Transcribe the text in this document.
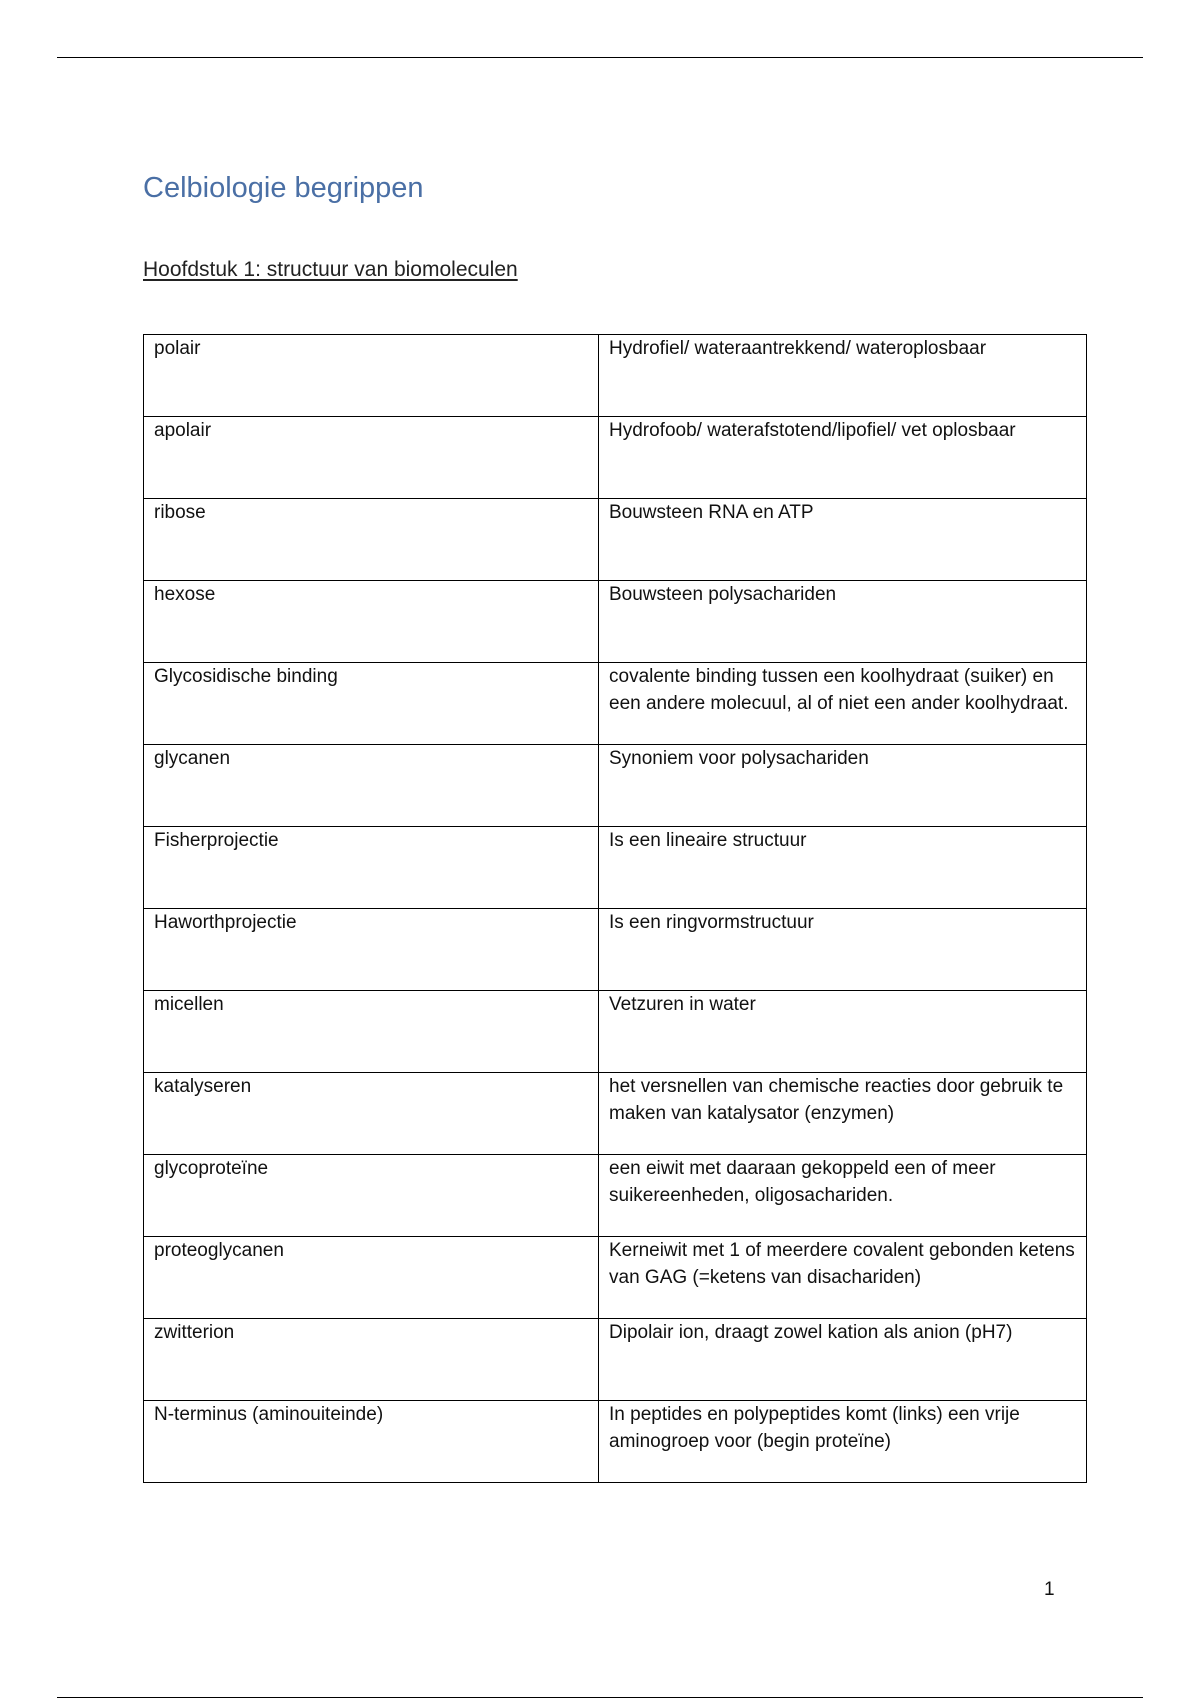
Celbiologie begrippen
Hoofdstuk 1: structuur van biomoleculen
polair	Hydrofiel/ wateraantrekkend/ wateroplosbaar

apolair	Hydrofoob/ waterafstotend/lipofiel/ vet oplosbaar

ribose	Bouwsteen RNA en ATP

hexose	Bouwsteen polysachariden

Glycosidische binding	covalente binding tussen een koolhydraat (suiker) en een andere molecuul, al of niet een ander koolhydraat.

glycanen	Synoniem voor polysachariden

Fisherprojectie	Is een lineaire structuur

Haworthprojectie	Is een ringvormstructuur

micellen	Vetzuren in water

katalyseren	het versnellen van chemische reacties door gebruik te maken van katalysator (enzymen)

glycoproteïne	een eiwit met daaraan gekoppeld een of meer suikereenheden, oligosachariden.

proteoglycanen	Kerneiwit met 1 of meerdere covalent gebonden ketens van GAG (=ketens van disachariden)

zwitterion	Dipolair ion, draagt zowel kation als anion (pH7)

N-terminus (aminouiteinde)	In peptides en polypeptides komt (links) een vrije aminogroep voor (begin proteïne)
1
